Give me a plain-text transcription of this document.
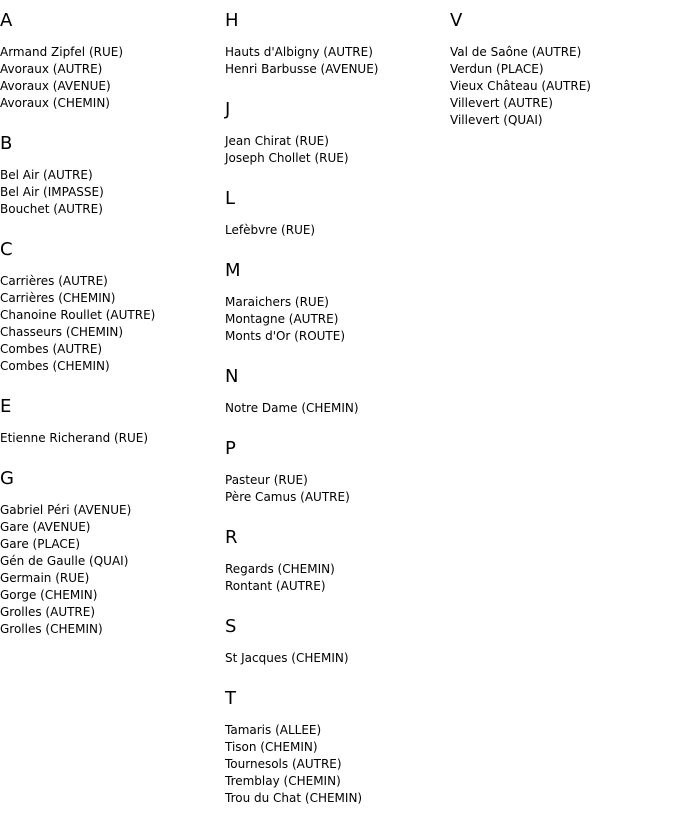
A
Armand Zipfel (RUE)
Avoraux (AUTRE)
Avoraux (AVENUE)
Avoraux (CHEMIN)
B
Bel Air (AUTRE)
Bel Air (IMPASSE)
Bouchet (AUTRE)
C
Carrières (AUTRE)
Carrières (CHEMIN)
Chanoine Roullet (AUTRE)
Chasseurs (CHEMIN)
Combes (AUTRE)
Combes (CHEMIN)
E
Etienne Richerand (RUE)
G
Gabriel Péri (AVENUE)
Gare (AVENUE)
Gare (PLACE)
Gén de Gaulle (QUAI)
Germain (RUE)
Gorge (CHEMIN)
Grolles (AUTRE)
Grolles (CHEMIN)
H
Hauts d'Albigny (AUTRE)
Henri Barbusse (AVENUE)
J
Jean Chirat (RUE)
Joseph Chollet (RUE)
L
Lefèbvre (RUE)
M
Maraichers (RUE)
Montagne (AUTRE)
Monts d'Or (ROUTE)
N
Notre Dame (CHEMIN)
P
Pasteur (RUE)
Père Camus (AUTRE)
R
Regards (CHEMIN)
Rontant (AUTRE)
S
St Jacques (CHEMIN)
T
Tamaris (ALLEE)
Tison (CHEMIN)
Tournesols (AUTRE)
Tremblay (CHEMIN)
Trou du Chat (CHEMIN)
V
Val de Saône (AUTRE)
Verdun (PLACE)
Vieux Château (AUTRE)
Villevert (AUTRE)
Villevert (QUAI)
